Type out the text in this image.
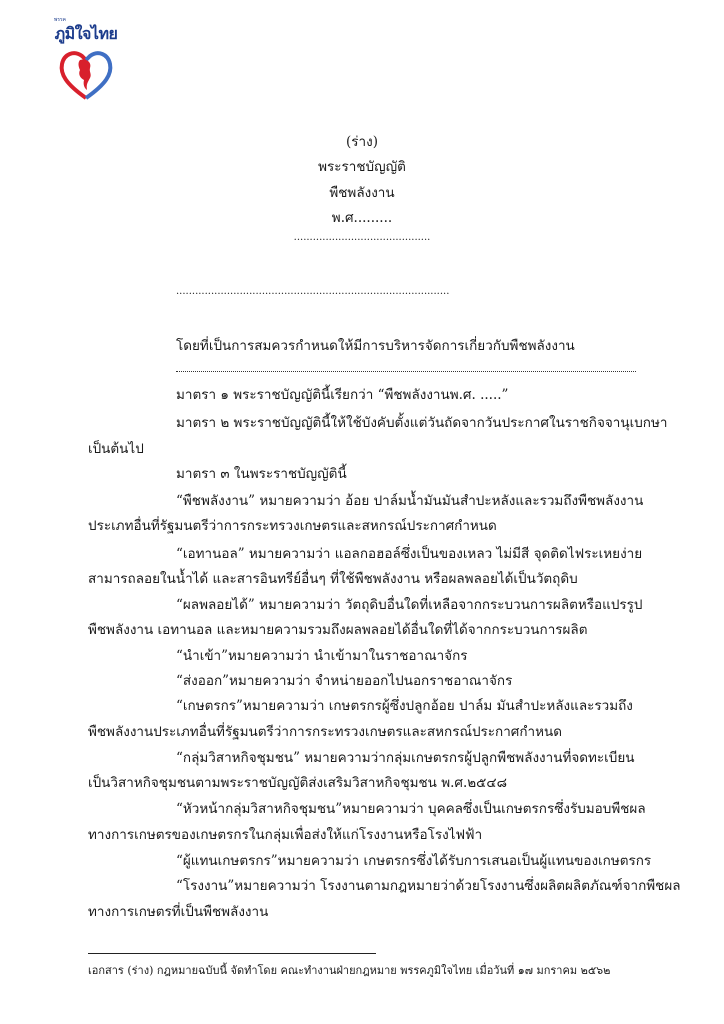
พรรค
ภูมิใจไทย
(ร่าง)
พระราชบัญญัติ
พืชพลังงาน
พ.ศ.........
...........................................
......................................................................................
โดยที่เป็นการสมควรกำหนดให้มีการบริหารจัดการเกี่ยวกับพืชพลังงาน
มาตรา ๑ พระราชบัญญัตินี้เรียกว่า “พืชพลังงานพ.ศ. .....”
มาตรา ๒ พระราชบัญญัตินี้ให้ใช้บังคับตั้งแต่วันถัดจากวันประกาศในราชกิจจานุเบกษา
เป็นต้นไป
มาตรา ๓ ในพระราชบัญญัตินี้
“พืชพลังงาน” หมายความว่า อ้อย ปาล์มน้ำมันมันสำปะหลังและรวมถึงพืชพลังงาน
ประเภทอื่นที่รัฐมนตรีว่าการกระทรวงเกษตรและสหกรณ์ประกาศกำหนด
“เอทานอล” หมายความว่า แอลกอฮอล์ซึ่งเป็นของเหลว ไม่มีสี จุดติดไฟระเหยง่าย
สามารถลอยในน้ำได้ และสารอินทรีย์อื่นๆ ที่ใช้พืชพลังงาน หรือผลพลอยได้เป็นวัตถุดิบ
“ผลพลอยได้” หมายความว่า วัตถุดิบอื่นใดที่เหลือจากกระบวนการผลิตหรือแปรรูป
พืชพลังงาน เอทานอล และหมายความรวมถึงผลพลอยได้อื่นใดที่ได้จากกระบวนการผลิต
“นำเข้า”หมายความว่า นำเข้ามาในราชอาณาจักร
“ส่งออก”หมายความว่า จำหน่ายออกไปนอกราชอาณาจักร
“เกษตรกร”หมายความว่า เกษตรกรผู้ซึ่งปลูกอ้อย ปาล์ม มันสำปะหลังและรวมถึง
พืชพลังงานประเภทอื่นที่รัฐมนตรีว่าการกระทรวงเกษตรและสหกรณ์ประกาศกำหนด
“กลุ่มวิสาหกิจชุมชน” หมายความว่ากลุ่มเกษตรกรผู้ปลูกพืชพลังงานที่จดทะเบียน
เป็นวิสาหกิจชุมชนตามพระราชบัญญัติส่งเสริมวิสาหกิจชุมชน พ.ศ.๒๕๔๘
“หัวหน้ากลุ่มวิสาหกิจชุมชน”หมายความว่า บุคคลซึ่งเป็นเกษตรกรซึ่งรับมอบพืชผล
ทางการเกษตรของเกษตรกรในกลุ่มเพื่อส่งให้แก่โรงงานหรือโรงไฟฟ้า
“ผู้แทนเกษตรกร”หมายความว่า เกษตรกรซึ่งได้รับการเสนอเป็นผู้แทนของเกษตรกร
“โรงงาน”หมายความว่า โรงงานตามกฎหมายว่าด้วยโรงงานซึ่งผลิตผลิตภัณฑ์จากพืชผล
ทางการเกษตรที่เป็นพืชพลังงาน
เอกสาร (ร่าง) กฎหมายฉบับนี้ จัดทำโดย คณะทำงานฝ่ายกฎหมาย พรรคภูมิใจไทย เมื่อวันที่ ๑๗ มกราคม ๒๕๖๒
